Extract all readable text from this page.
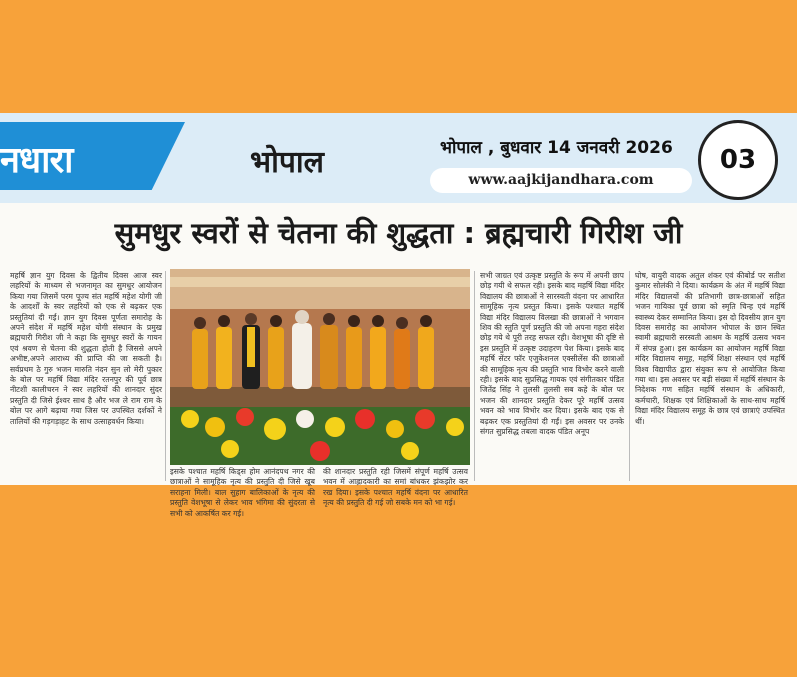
नधारा	भोपाल	भोपाल , बुधवार 14 जनवरी 2026
www.aajkijandhara.com
03
सुमधुर स्वरों से चेतना की शुद्धता : ब्रह्मचारी गिरीश जी

महर्षि ज्ञान युग दिवस के द्वितीय दिवस आज स्वर लहरियों के माध्यम से भजनामृत का सुमधुर आयोजन किया गया जिसमें परम पूज्य संत महर्षि महेश योगी जी के आदर्शों के स्वर लहरियों को एक से बढ़कर एक प्रस्तुतियां दी गईं। ज्ञान युग दिवस पूर्णता समारोह के अपने संदेश में महर्षि महेश योगी संस्थान के प्रमुख ब्रह्मचारी गिरीश जी ने कहा कि सुमधुर स्वरों के गायन एवं श्रवण से चेतना की शुद्धता होती है जिससे अपने अभीष्ट,अपने आराध्य की प्राप्ति की जा सकती है। सर्वप्रथम ठे गुरु भजन मारुति नंदन सुन लो मेरी पुकार के बोल पर महर्षि विद्या मंदिर रतनपुर की पूर्व छात्र नीटशी कालीचरन ने स्वर लहरियों की शानदार सुंदर प्रस्तुति दी जिसे ईश्वर साथ है और भज ले राम राम के बोल पर आगे बढ़ाया गया जिस पर उपस्थित दर्शकों ने तालियों की गड़गड़ाहट के साथ उत्साहवर्धन किया।

इसके पश्चात महर्षि किड्स होम आनंदपथ नगर की छात्राओं ने सामूहिक नृत्य की प्रस्तुति दी जिसे खूब सराहना मिली। बाल सुहाग बालिकाओं के नृत्य की प्रस्तुति वेशभूषा से लेकर भाव भंगिमा की सुंदरता से सभी को आकर्षित कर गई।

की शानदार प्रस्तुति रही जिसमें संपूर्ण महर्षि उत्सव भवन में आह्लादकारी का समां बांधकर झंकझोर कर रख दिया। इसके पश्चात महर्षि वंदना पर आधारित नृत्य की प्रस्तुति दी गई जो सबके मन को भा गई।

सभी जाग्रत एवं उत्कृष्ट प्रस्तुति के रूप में अपनी छाप छोड़ गयी थे सफल रही। इसके बाद महर्षि विद्या मंदिर विद्यालय की छात्राओं ने सारस्वती वंदना पर आधारित सामूहिक नृत्य प्रस्तुत किया। इसके पश्चात महर्षि विद्या मंदिर विद्यालय विलखा की छात्राओं ने भगवान शिव की स्तुति पूर्ण प्रस्तुति की जो अपना गहरा संदेश छोड़ गये थे पूरी तरह सफल रही। वेशभूषा की दृष्टि से इस प्रस्तुति में उत्कृष्ट उदाहरण पेश किया। इसके बाद महर्षि सेंटर फॉर एजुकेशनल एक्सीलेंस की छात्राओं की सामूहिक नृत्य की प्रस्तुति भाव विभोर करने वाली रही। इसके बाद सुप्रसिद्ध गायक एवं संगीतकार पंडित जितेंद्र सिंह ने तुलसी तुलसी सब कहे के बोल पर भजन की शानदार प्रस्तुति देकर पूरे महर्षि उत्सव भवन को भाव विभोर कर दिया। इसके बाद एक से बढ़कर एक प्रस्तुतियां दी गईं। इस अवसर पर उनके संगत सुप्रसिद्ध तबला वादक पंडित अनूप

घोष, वायुरी वादक अतुल शंकर एवं कीबोर्ड पर सतीश कुमार सोलंकी ने दिया। कार्यक्रम के अंत में महर्षि विद्या मंदिर विद्यालयों की प्रतिभागी छात्र-छात्राओं सहित भजन गायिका पूर्व छात्रा को स्मृति चिन्ह एवं महर्षि स्वास्थ्य देकर सम्मानित किया। इस दो दिवसीय ज्ञान युग दिवस समारोह का आयोजन भोपाल के छान स्थित स्वामी ब्रह्मचारी सरस्वती आश्रम के महर्षि उत्सव भवन में संपन्न हुआ। इस कार्यक्रम का आयोजन महर्षि विद्या मंदिर विद्यालय समूह, महर्षि शिक्षा संस्थान एवं महर्षि विश्व विद्यापीठ द्वारा संयुक्त रूप से आयोजित किया गया था। इस अवसर पर बड़ी संख्या में महर्षि संस्थान के निदेशक गण सहित महर्षि संस्थान के अधिकारी, कर्मचारी, शिक्षक एवं शिक्षिकाओं के साथ-साथ महर्षि विद्या मंदिर विद्यालय समूह के छात्र एवं छात्राएं उपस्थित थीं।
